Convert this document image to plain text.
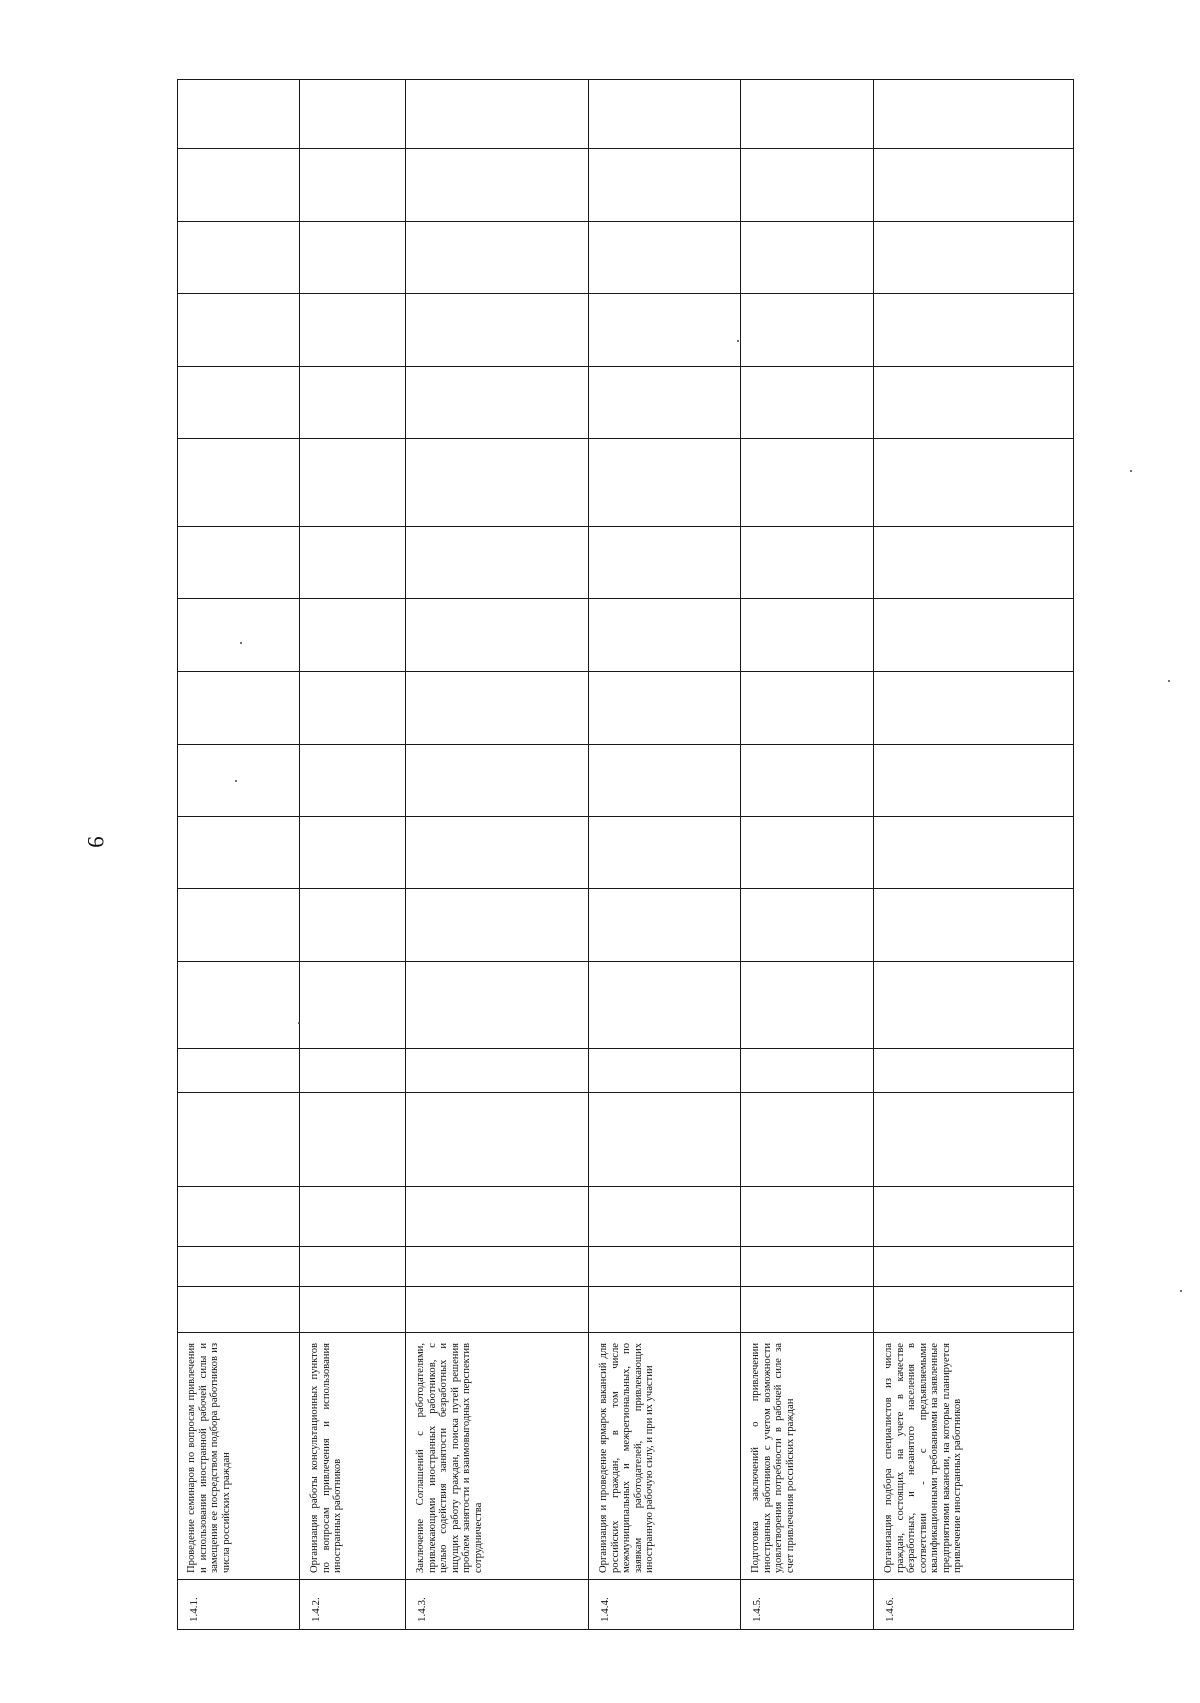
9
Проведение семинаров по вопросам привлечения и использования иностранной рабочей силы и замещения ее посредством подбора работников из числа российских граждан
1.4.1.
Организация работы консультационных пунктов по вопросам привлечения и использования иностранных работников
1.4.2.
Заключение Соглашений с работодателями, привлекающими иностранных работников, с целью содействия занятости безработных и ищущих работу граждан, поиска путей решения проблем занятости и взаимовыгодных перспектив сотрудничества
1.4.3.
Организация и проведение ярмарок вакансий для российских граждан, в том числе межмуниципальных и межрегиональных, по заявкам работодателей, привлекающих иностранную рабочую силу, и при их участии
1.4.4.
Подготовка заключений о привлечении иностранных работников с учетом возможности удовлетворения потребности в рабочей силе за счет привлечения российских граждан
1.4.5.
Организация подбора специалистов из числа граждан, состоящих на учете в качестве безработных, и незанятого населения в соответствии - с предъявляемыми квалификационными требованиями на заявленные предприятиями вакансии, на которые планируется привлечение иностранных работников
1.4.6.
